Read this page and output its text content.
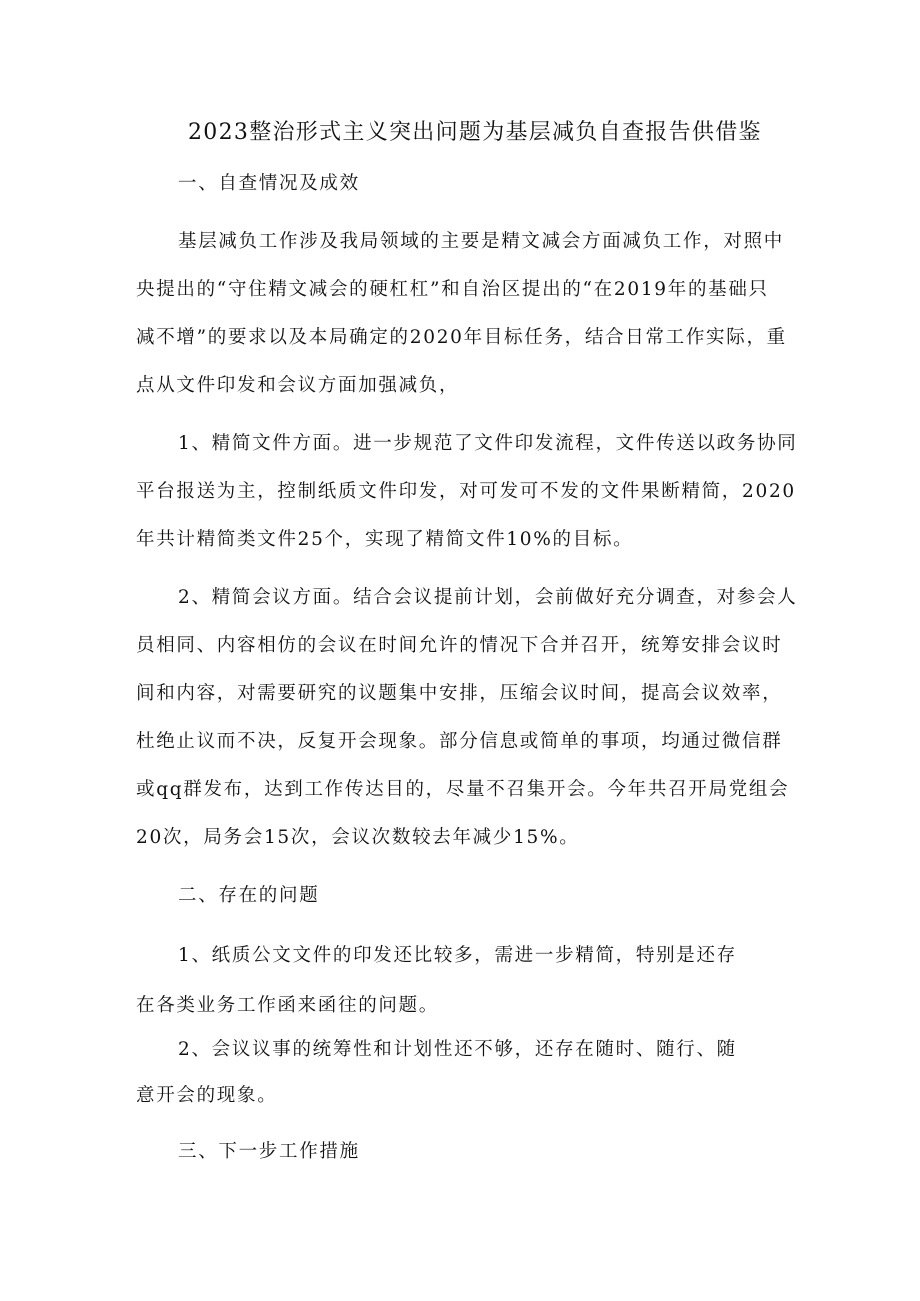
2023整治形式主义突出问题为基层减负自查报告供借鉴

一、自查情况及成效

基层减负工作涉及我局领域的主要是精文减会方面减负工作，对照中

央提出的“守住精文减会的硬杠杠”和自治区提出的“在2019年的基础只

减不增”的要求以及本局确定的2020年目标任务，结合日常工作实际，重

点从文件印发和会议方面加强减负，

1、精简文件方面。进一步规范了文件印发流程，文件传送以政务协同

平台报送为主，控制纸质文件印发，对可发可不发的文件果断精简，2020

年共计精简类文件25个，实现了精简文件10%的目标。

2、精简会议方面。结合会议提前计划，会前做好充分调查，对参会人

员相同、内容相仿的会议在时间允许的情况下合并召开，统筹安排会议时

间和内容，对需要研究的议题集中安排，压缩会议时间，提高会议效率，

杜绝止议而不决，反复开会现象。部分信息或简单的事项，均通过微信群

或qq群发布，达到工作传达目的，尽量不召集开会。今年共召开局党组会

20次，局务会15次，会议次数较去年减少15%。

二、存在的问题

1、纸质公文文件的印发还比较多，需进一步精简，特别是还存

在各类业务工作函来函往的问题。

2、会议议事的统筹性和计划性还不够，还存在随时、随行、随

意开会的现象。

三、下一步工作措施
